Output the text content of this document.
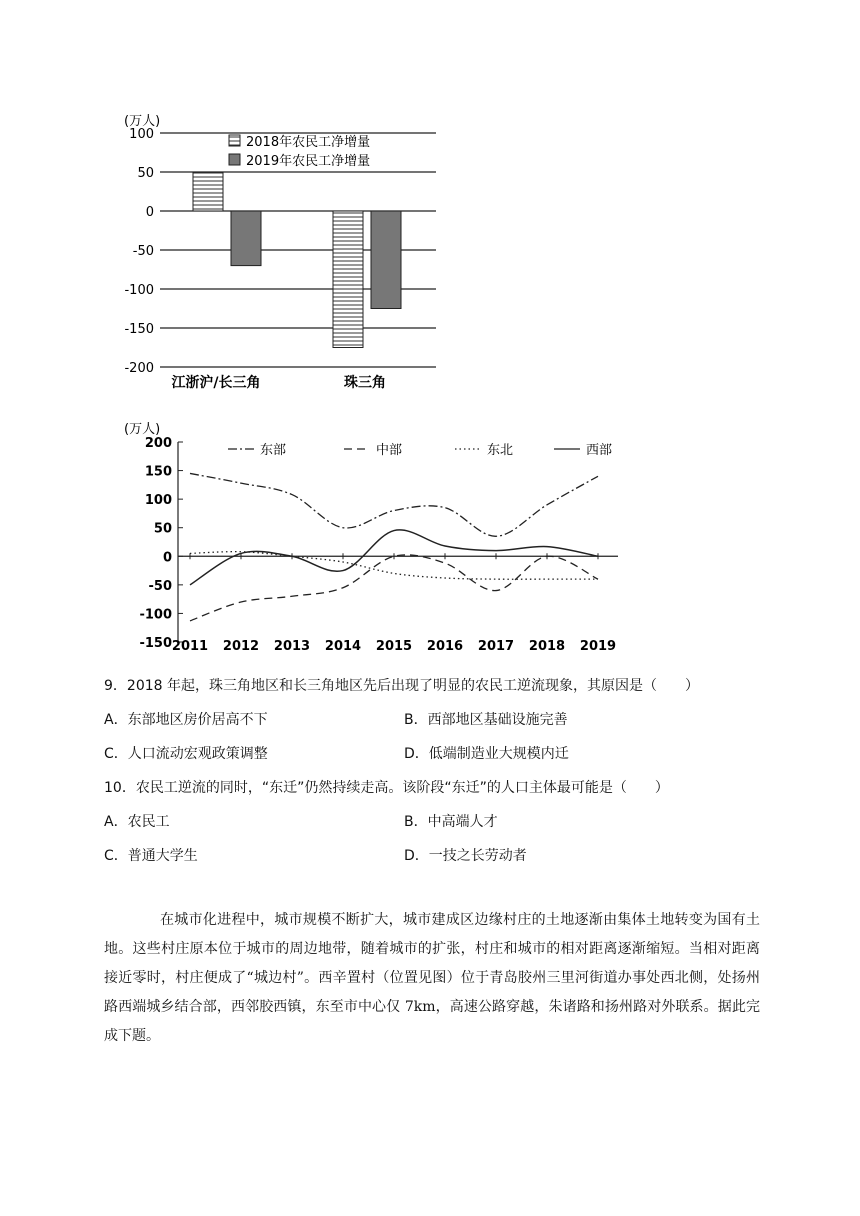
(万人)
100
50
0
-50
-100
-150
-200
江浙沪/长三角	珠三角
2018年农民工净增量
2019年农民工净增量
(万人)
200
150
100
50
0
-50
-100
-150 2011 2012 2013 2014 2015 2016 2017 2018 2019
东部	中部	东北	西部
9．2018 年起，珠三角地区和长三角地区先后出现了明显的农民工逆流现象，其原因是（　　）
A．东部地区房价居高不下	B．西部地区基础设施完善
C．人口流动宏观政策调整	D．低端制造业大规模内迁
10．农民工逆流的同时，“东迁”仍然持续走高。该阶段“东迁”的人口主体最可能是（　　）
A．农民工	B．中高端人才
C．普通大学生	D．一技之长劳动者
在城市化进程中，城市规模不断扩大，城市建成区边缘村庄的土地逐渐由集体土地转变为国有土地。这些村庄原本位于城市的周边地带，随着城市的扩张，村庄和城市的相对距离逐渐缩短。当相对距离接近零时，村庄便成了“城边村”。西辛置村（位置见图）位于青岛胶州三里河街道办事处西北侧，处扬州路西端城乡结合部，西邻胶西镇，东至市中心仅 7km，高速公路穿越，朱诸路和扬州路对外联系。据此完成下题。
